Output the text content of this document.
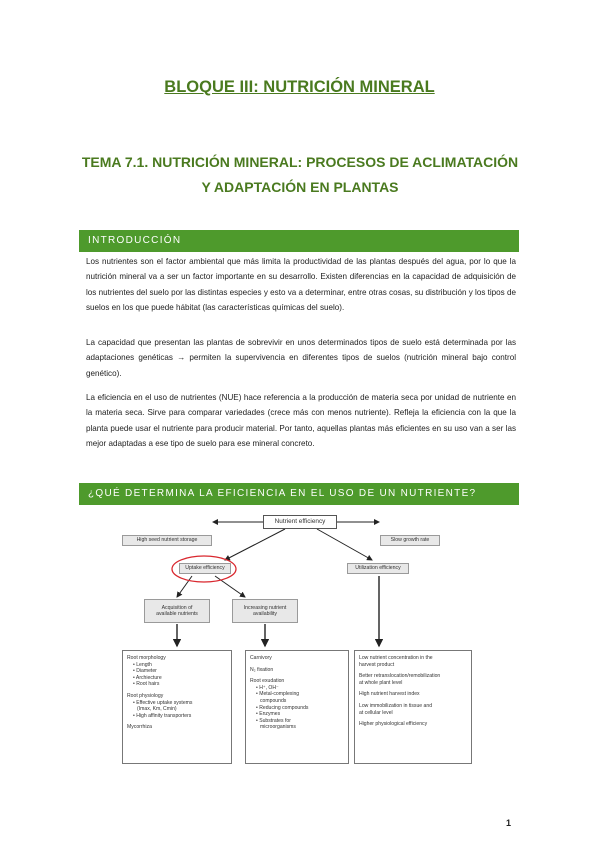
BLOQUE III: NUTRICIÓN MINERAL
TEMA 7.1. NUTRICIÓN MINERAL: PROCESOS DE ACLIMATACIÓN
Y ADAPTACIÓN EN PLANTAS
INTRODUCCIÓN

Los nutrientes son el factor ambiental que más limita la productividad de las plantas después del agua, por lo que la nutrición mineral va a ser un factor importante en su desarrollo. Existen diferencias en la capacidad de adquisición de los nutrientes del suelo por las distintas especies y esto va a determinar, entre otras cosas, su distribución y los tipos de suelos en los que puede hábitat (las características químicas del suelo).

La capacidad que presentan las plantas de sobrevivir en unos determinados tipos de suelo está determinada por las adaptaciones genéticas → permiten la supervivencia en diferentes tipos de suelos (nutrición mineral bajo control genético).

La eficiencia en el uso de nutrientes (NUE) hace referencia a la producción de materia seca por unidad de nutriente en la materia seca. Sirve para comparar variedades (crece más con menos nutriente). Refleja la eficiencia con la que la planta puede usar el nutriente para producir material. Por tanto, aquellas plantas más eficientes en su uso van a ser las mejor adaptadas a ese tipo de suelo para ese mineral concreto.

¿QUÉ DETERMINA LA EFICIENCIA EN EL USO DE UN NUTRIENTE?
Nutrient efficiency
High seed nutrient storage	Slow growth rate
Uptake efficiency	Utilization efficiency
Acquisition of
available nutrients
Increasing nutrient
availability
Root morphology
• Length
• Diameter
• Archiecture
• Root hairs
Root physiology
• Effective uptake systems
(Imax, Km, Cmin)
• High affinity transporters
Mycorrhiza
Carnivory
N₂ fixation
Root exudation
• H⁺, OH⁻
• Metal-complexing
compounds
• Reducing compounds
• Enzymes
• Substrates for
microorganisms
Low nutrient concentration in the
harvest product
Better retranslocation/remobilization
at whole plant level
High nutrient harvest index
Low immobilization in tissue and
at cellular level
Higher physiological efficiency
1
